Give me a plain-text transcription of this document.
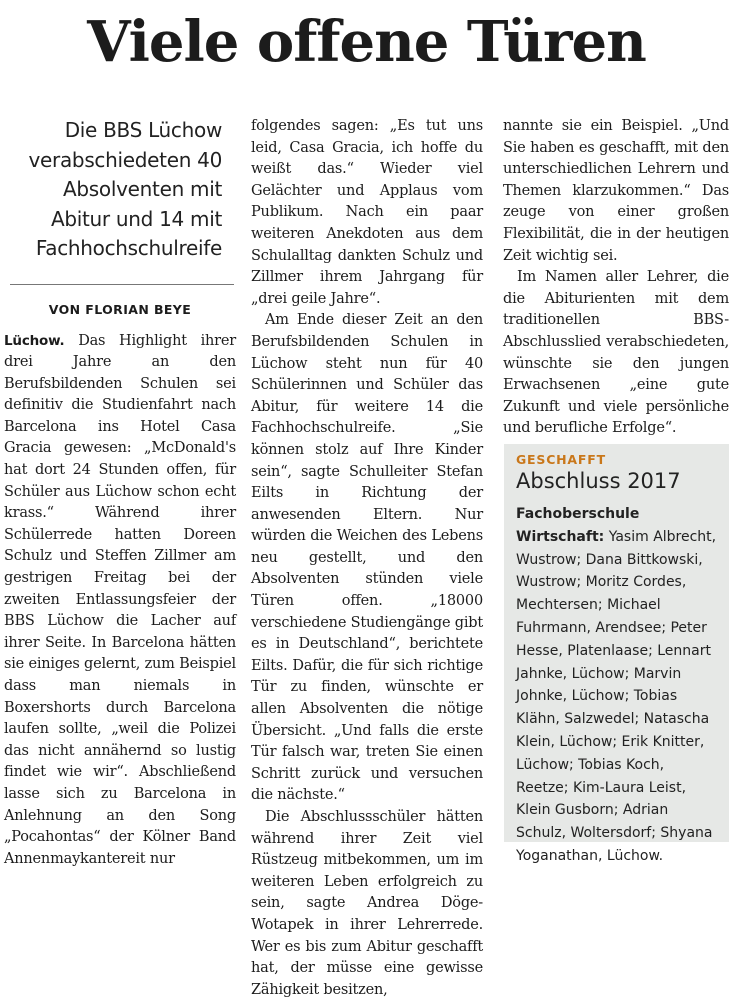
Viele offene Türen

Die BBS Lüchow verabschiedeten 40 Absolventen mit Abitur und 14 mit Fachhochschulreife

VON FLORIAN BEYE

Lüchow. Das Highlight ihrer drei Jahre an den Berufsbildenden Schulen sei definitiv die Studienfahrt nach Barcelona ins Hotel Casa Gracia gewesen: „McDonald's hat dort 24 Stunden offen, für Schüler aus Lüchow schon echt krass.“ Während ihrer Schülerrede hatten Doreen Schulz und Steffen Zillmer am gestrigen Freitag bei der zweiten Entlassungsfeier der BBS Lüchow die Lacher auf ihrer Seite. In Barcelona hätten sie einiges gelernt, zum Beispiel dass man niemals in Boxershorts durch Barcelona laufen sollte, „weil die Polizei das nicht annähernd so lustig findet wie wir“. Abschließend lasse sich zu Barcelona in Anlehnung an den Song „Pocahontas“ der Kölner Band Annenmaykantereit nur

folgendes sagen: „Es tut uns leid, Casa Gracia, ich hoffe du weißt das.“ Wieder viel Gelächter und Applaus vom Publikum. Nach ein paar weiteren Anekdoten aus dem Schulalltag dankten Schulz und Zillmer ihrem Jahrgang für „drei geile Jahre“.

Am Ende dieser Zeit an den Berufsbildenden Schulen in Lüchow steht nun für 40 Schülerinnen und Schüler das Abitur, für weitere 14 die Fachhochschulreife. „Sie können stolz auf Ihre Kinder sein“, sagte Schulleiter Stefan Eilts in Richtung der anwesenden Eltern. Nur würden die Weichen des Lebens neu gestellt, und den Absolventen stünden viele Türen offen. „18000 verschiedene Studiengänge gibt es in Deutschland“, berichtete Eilts. Dafür, die für sich richtige Tür zu finden, wünschte er allen Absolventen die nötige Übersicht. „Und falls die erste Tür falsch war, treten Sie einen Schritt zurück und versuchen die nächste.“

Die Abschlussschüler hätten während ihrer Zeit viel Rüstzeug mitbekommen, um im weiteren Leben erfolgreich zu sein, sagte Andrea Döge-Wotapek in ihrer Lehrerrede. Wer es bis zum Abitur geschafft hat, der müsse eine gewisse Zähigkeit besitzen,

nannte sie ein Beispiel. „Und Sie haben es geschafft, mit den unterschiedlichen Lehrern und Themen klarzukommen.“ Das zeuge von einer großen Flexibilität, die in der heutigen Zeit wichtig sei.

Im Namen aller Lehrer, die die Abiturienten mit dem traditionellen BBS-Abschlusslied verabschiedeten, wünschte sie den jungen Erwachsenen „eine gute Zukunft und viele persönliche und berufliche Erfolge“.

GESCHAFFT
Abschluss 2017

Fachoberschule Wirtschaft: Yasim Albrecht, Wustrow; Dana Bittkowski, Wustrow; Moritz Cordes, Mechtersen; Michael Fuhrmann, Arendsee; Peter Hesse, Platenlaase; Lennart Jahnke, Lüchow; Marvin Johnke, Lüchow; Tobias Klähn, Salzwedel; Natascha Klein, Lüchow; Erik Knitter, Lüchow; Tobias Koch, Reetze; Kim-Laura Leist, Klein Gusborn; Adrian Schulz, Woltersdorf; Shyana Yoganathan, Lüchow.
